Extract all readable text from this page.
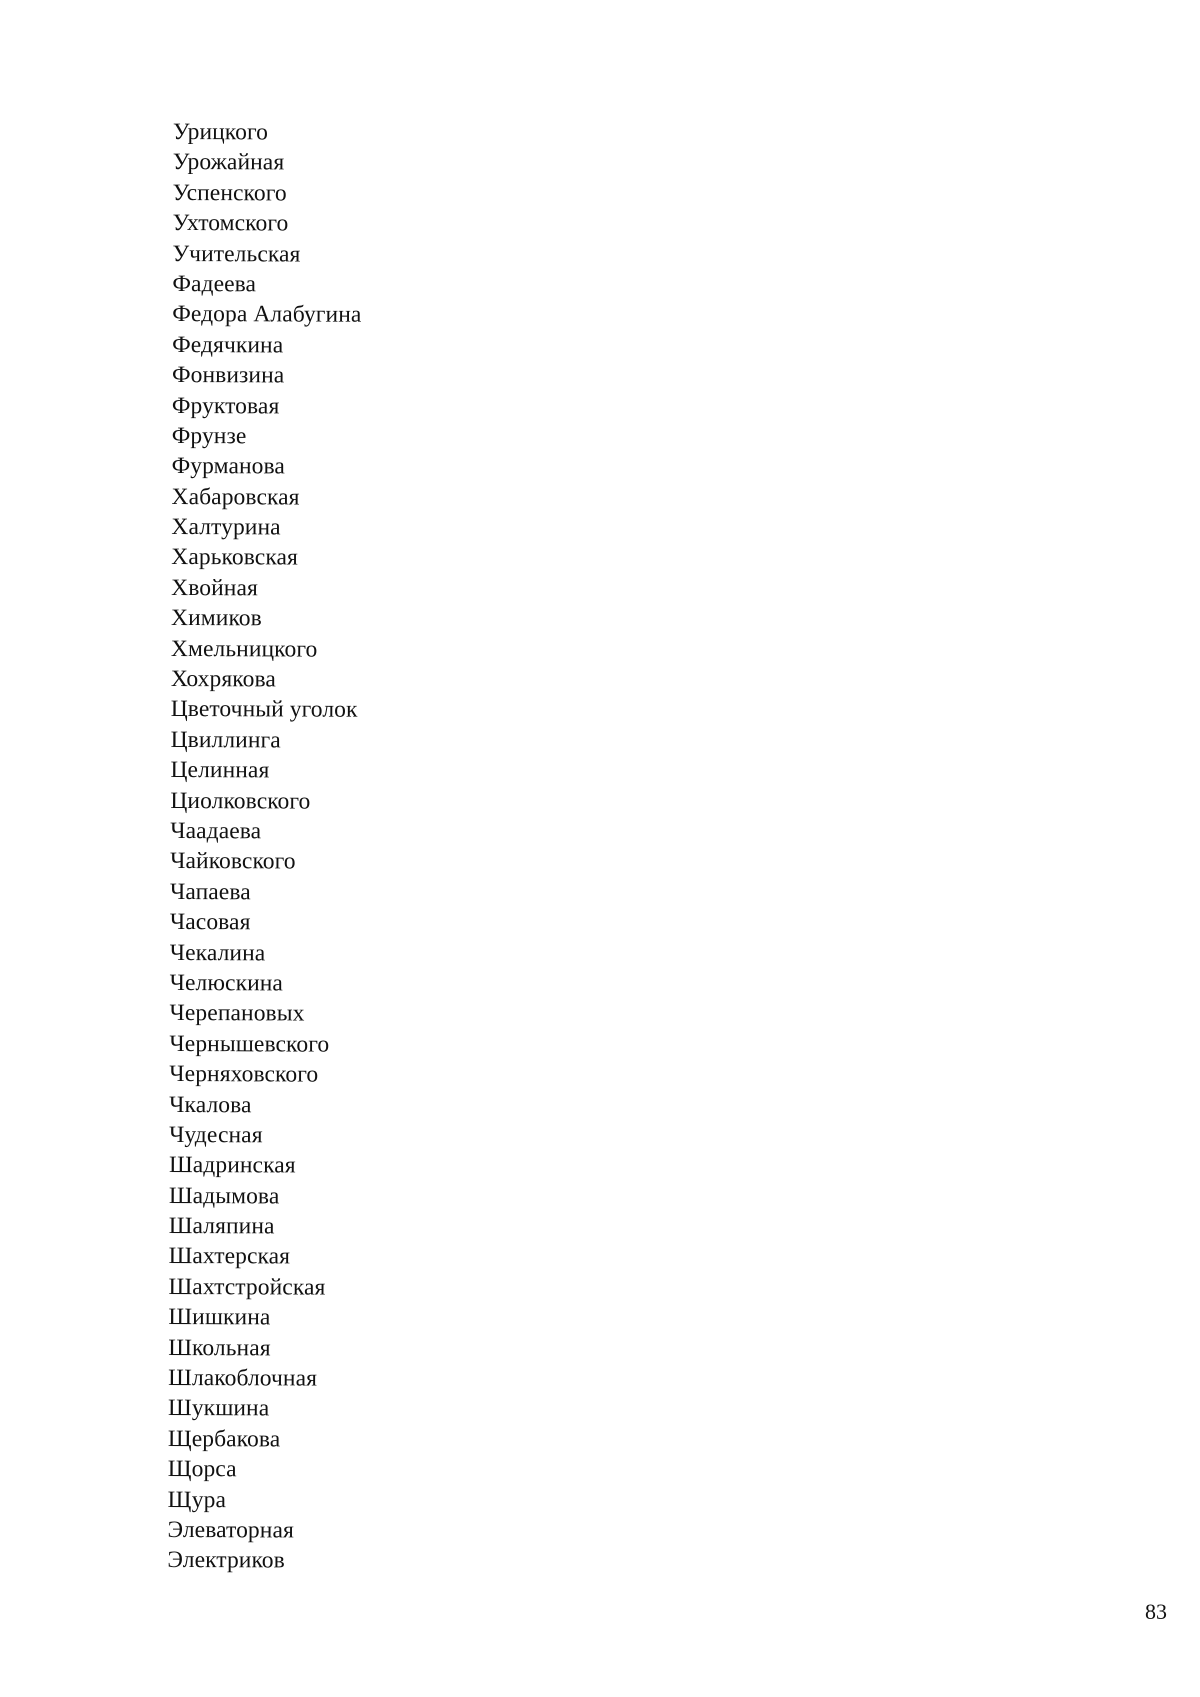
Урицкого
Урожайная
Успенского
Ухтомского
Учительская
Фадеева
Федора Алабугина
Федячкина
Фонвизина
Фруктовая
Фрунзе
Фурманова
Хабаровская
Халтурина
Харьковская
Хвойная
Химиков
Хмельницкого
Хохрякова
Цветочный уголок
Цвиллинга
Целинная
Циолковского
Чаадаева
Чайковского
Чапаева
Часовая
Чекалина
Челюскина
Черепановых
Чернышевского
Черняховского
Чкалова
Чудесная
Шадринская
Шадымова
Шаляпина
Шахтерская
Шахтстройская
Шишкина
Школьная
Шлакоблочная
Шукшина
Щербакова
Щорса
Щура
Элеваторная
Электриков
83
